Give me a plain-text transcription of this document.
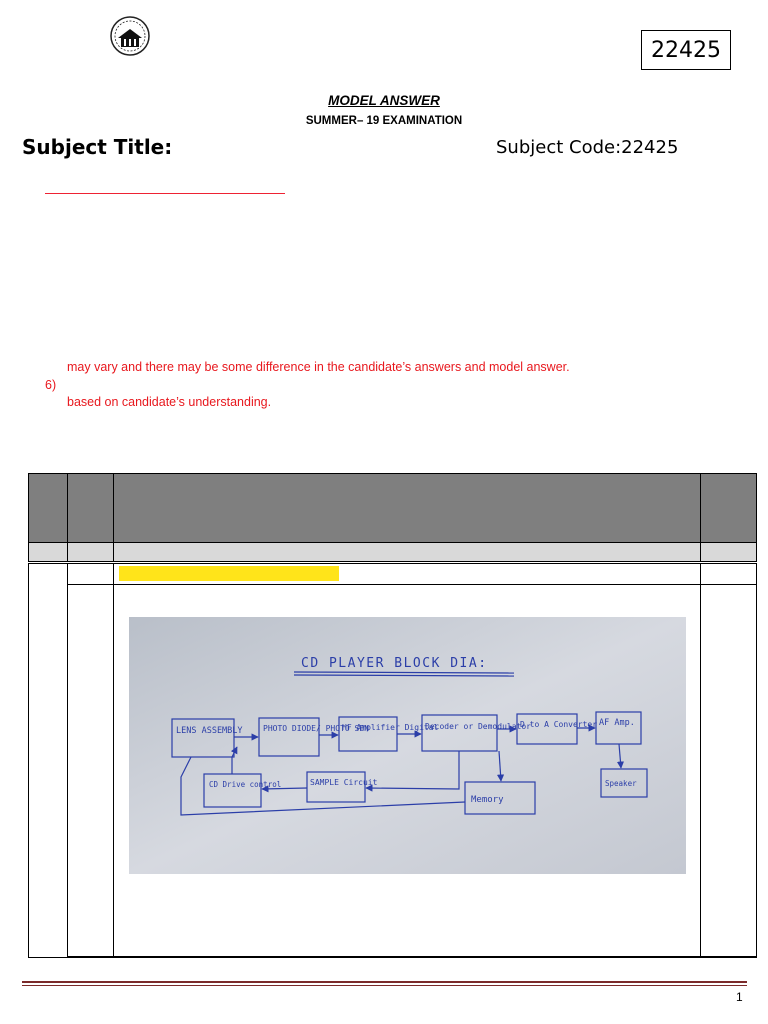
22425
MODEL ANSWER
SUMMER– 19 EXAMINATION
Subject Title:	Subject Code:22425
may vary and there may be some difference in the candidate’s answers and model answer.
6)
based on candidate’s understanding.
CD PLAYER BLOCK DIA:
LENS ASSEMBLY	PHOTO DIODE/ PHOTO SEN
HF Amplifier Digital
Decoder or Demodulator
D to A Converter AF Amp.
Speaker
CD Drive control	SAMPLE Circuit
Memory
1
